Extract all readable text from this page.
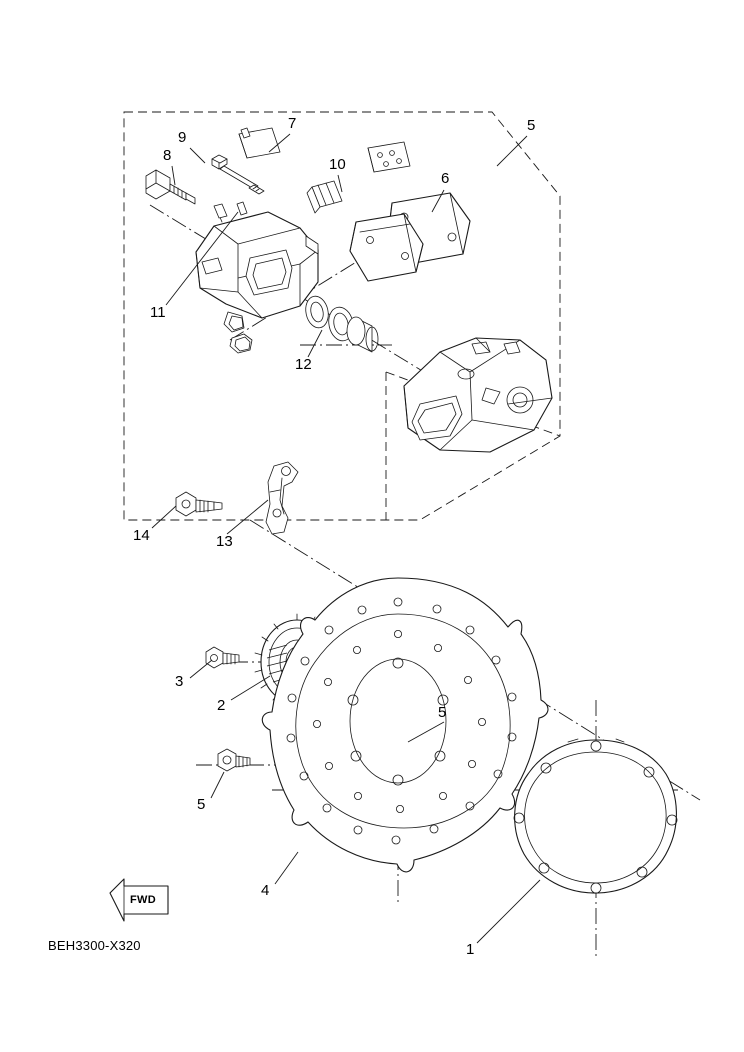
5
6
7
8
9
10
11
12
13
14
3
2	5
5
4
1
FWD
BEH3300-X320
